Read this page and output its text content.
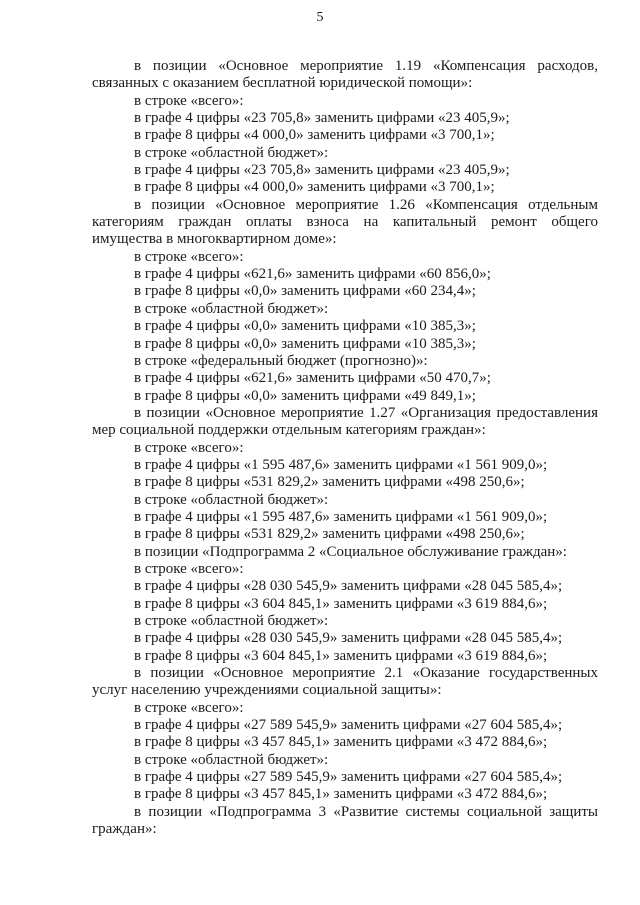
5
в позиции «Основное мероприятие 1.19 «Компенсация расходов,
связанных с оказанием бесплатной юридической помощи»:
в строке «всего»:
в графе 4 цифры «23 705,8» заменить цифрами «23 405,9»;
в графе 8 цифры «4 000,0» заменить цифрами «3 700,1»;
в строке «областной бюджет»:
в графе 4 цифры «23 705,8» заменить цифрами «23 405,9»;
в графе 8 цифры «4 000,0» заменить цифрами «3 700,1»;
в позиции «Основное мероприятие 1.26 «Компенсация отдельным
категориям граждан оплаты взноса на капитальный ремонт общего
имущества в многоквартирном доме»:
в строке «всего»:
в графе 4 цифры «621,6» заменить цифрами «60 856,0»;
в графе 8 цифры «0,0» заменить цифрами «60 234,4»;
в строке «областной бюджет»:
в графе 4 цифры «0,0» заменить цифрами «10 385,3»;
в графе 8 цифры «0,0» заменить цифрами «10 385,3»;
в строке «федеральный бюджет (прогнозно)»:
в графе 4 цифры «621,6» заменить цифрами «50 470,7»;
в графе 8 цифры «0,0» заменить цифрами «49 849,1»;
в позиции «Основное мероприятие 1.27 «Организация предоставления
мер социальной поддержки отдельным категориям граждан»:
в строке «всего»:
в графе 4 цифры «1 595 487,6» заменить цифрами «1 561 909,0»;
в графе 8 цифры «531 829,2» заменить цифрами «498 250,6»;
в строке «областной бюджет»:
в графе 4 цифры «1 595 487,6» заменить цифрами «1 561 909,0»;
в графе 8 цифры «531 829,2» заменить цифрами «498 250,6»;
в позиции «Подпрограмма 2 «Социальное обслуживание граждан»:
в строке «всего»:
в графе 4 цифры «28 030 545,9» заменить цифрами «28 045 585,4»;
в графе 8 цифры «3 604 845,1» заменить цифрами «3 619 884,6»;
в строке «областной бюджет»:
в графе 4 цифры «28 030 545,9» заменить цифрами «28 045 585,4»;
в графе 8 цифры «3 604 845,1» заменить цифрами «3 619 884,6»;
в позиции «Основное мероприятие 2.1 «Оказание государственных
услуг населению учреждениями социальной защиты»:
в строке «всего»:
в графе 4 цифры «27 589 545,9» заменить цифрами «27 604 585,4»;
в графе 8 цифры «3 457 845,1» заменить цифрами «3 472 884,6»;
в строке «областной бюджет»:
в графе 4 цифры «27 589 545,9» заменить цифрами «27 604 585,4»;
в графе 8 цифры «3 457 845,1» заменить цифрами «3 472 884,6»;
в позиции «Подпрограмма 3 «Развитие системы социальной защиты
граждан»:
